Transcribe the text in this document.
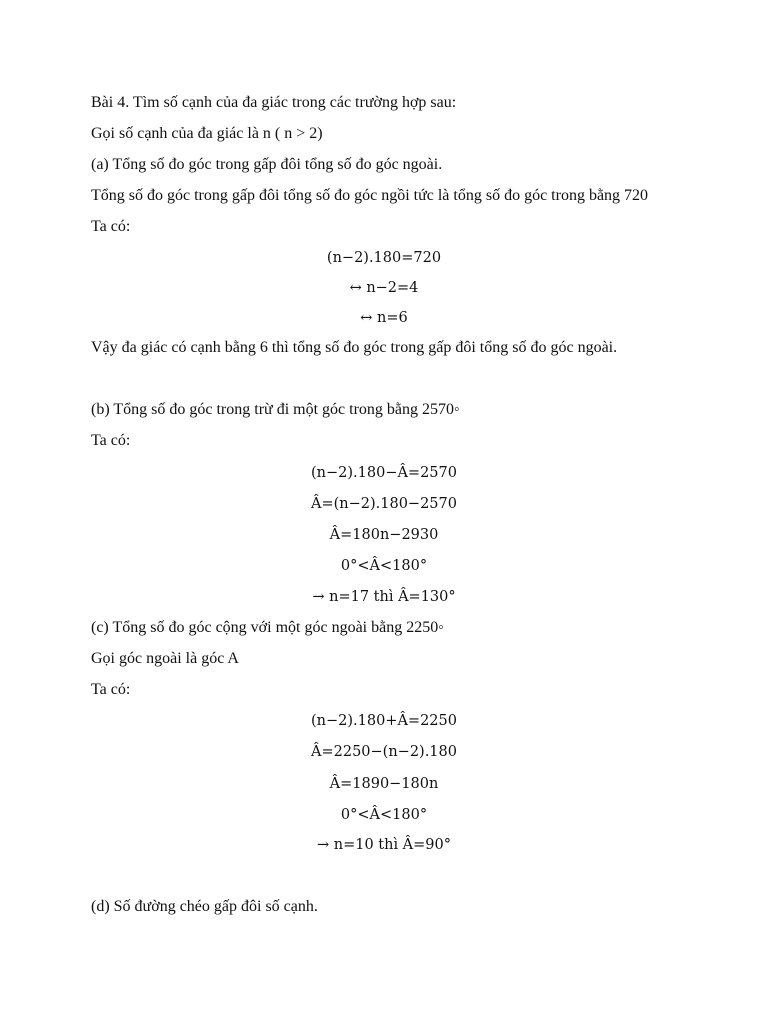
Bài 4. Tìm số cạnh của đa giác trong các trường hợp sau:
Gọi số cạnh của đa giác là n ( n > 2)
(a) Tổng số đo góc trong gấp đôi tổng số đo góc ngoài.
Tổng số đo góc trong gấp đôi tổng số đo góc ngồi tức là tổng số đo góc trong bằng 720
Ta có:
(n−2).180=720
↔ n−2=4
↔ n=6
Vậy đa giác có cạnh bằng 6 thì tổng số đo góc trong gấp đôi tổng số đo góc ngoài.
(b) Tổng số đo góc trong trừ đi một góc trong bằng 2570◦
Ta có:
(n−2).180−Â=2570
Â=(n−2).180−2570
Â=180n−2930
0°<Â<180°
→ n=17 thì Â=130°
(c) Tổng số đo góc cộng với một góc ngoài bằng 2250◦
Gọi góc ngoài là góc A
Ta có:
(n−2).180+Â=2250
Â=2250−(n−2).180
Â=1890−180n
0°<Â<180°
→ n=10 thì Â=90°
(d) Số đường chéo gấp đôi số cạnh.
